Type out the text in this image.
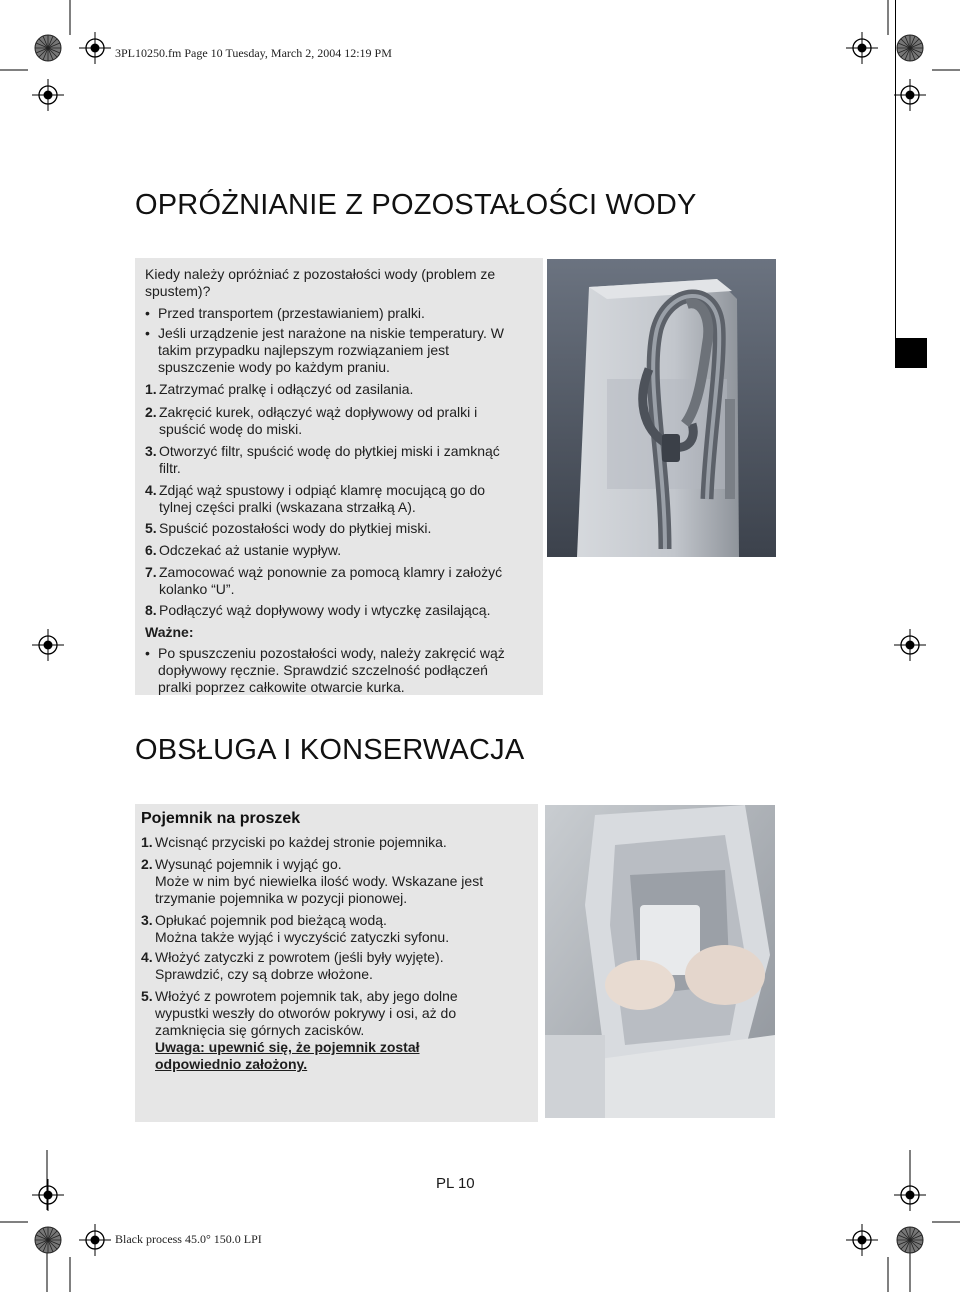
3PL10250.fm Page 10 Tuesday, March 2, 2004 12:19 PM
Black process 45.0° 150.0 LPI
PL 10
OPRÓŻNIANIE Z POZOSTAŁOŚCI WODY
Kiedy należy opróżniać z pozostałości wody (problem ze
spustem)?
• Przed transportem (przestawianiem) pralki.
• Jeśli urządzenie jest narażone na niskie temperatury. W
takim przypadku najlepszym rozwiązaniem jest
spuszczenie wody po każdym praniu.
1. Zatrzymać pralkę i odłączyć od zasilania.
2. Zakręcić kurek, odłączyć wąż dopływowy od pralki i
spuścić wodę do miski.
3. Otworzyć filtr, spuścić wodę do płytkiej miski i zamknąć
filtr.
4. Zdjąć wąż spustowy i odpiąć klamrę mocującą go do
tylnej części pralki (wskazana strzałką A).
5. Spuścić pozostałości wody do płytkiej miski.
6. Odczekać aż ustanie wypływ.
7. Zamocować wąż ponownie za pomocą klamry i założyć
kolanko “U”.
8. Podłączyć wąż dopływowy wody i wtyczkę zasilającą.
Ważne:
• Po spuszczeniu pozostałości wody, należy zakręcić wąż
dopływowy ręcznie. Sprawdzić szczelność podłączeń
pralki poprzez całkowite otwarcie kurka.
OBSŁUGA I KONSERWACJA
Pojemnik na proszek
1. Wcisnąć przyciski po każdej stronie pojemnika.
2. Wysunąć pojemnik i wyjąć go.
Może w nim być niewielka ilość wody. Wskazane jest
trzymanie pojemnika w pozycji pionowej.
3. Opłukać pojemnik pod bieżącą wodą.
Można także wyjąć i wyczyścić zatyczki syfonu.
4. Włożyć zatyczki z powrotem (jeśli były wyjęte).
Sprawdzić, czy są dobrze włożone.
5. Włożyć z powrotem pojemnik tak, aby jego dolne
wypustki weszły do otworów pokrywy i osi, aż do
zamknięcia się górnych zacisków.
Uwaga: upewnić się, że pojemnik został
odpowiednio założony.
